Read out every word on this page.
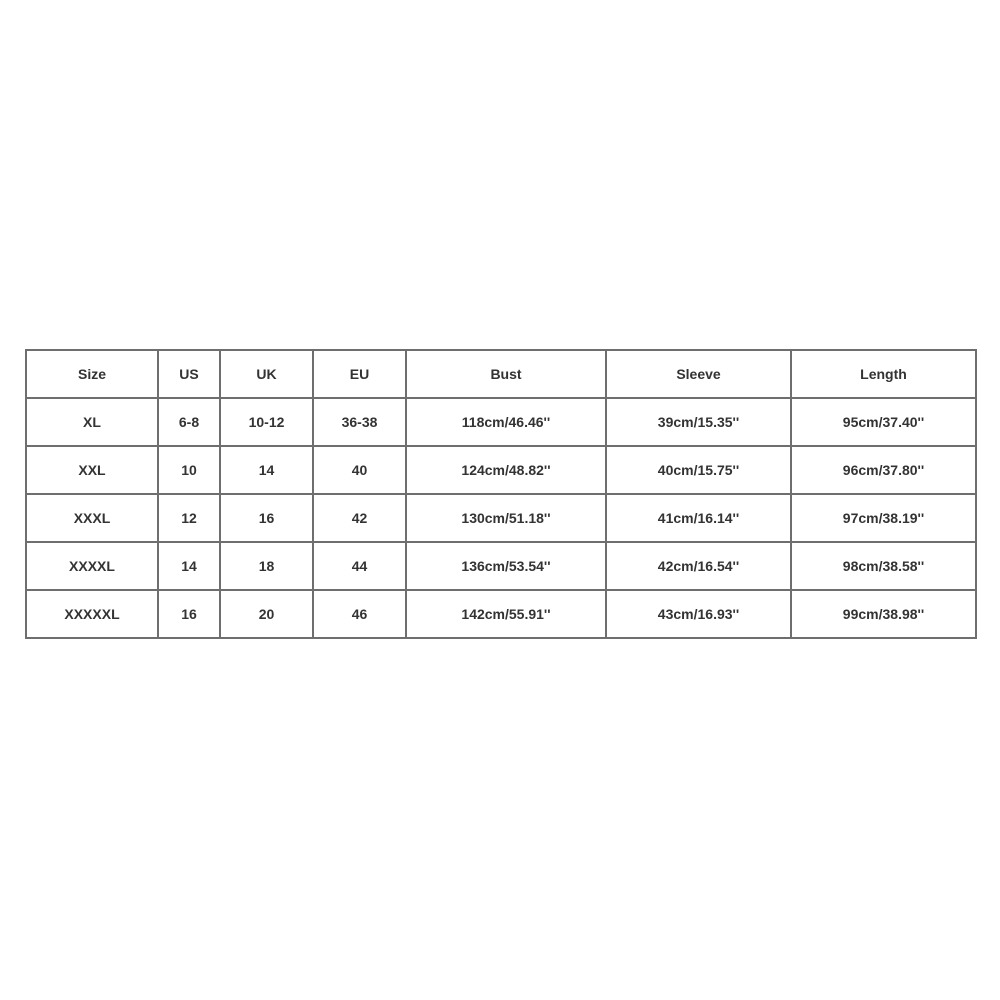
Size	US	UK	EU	Bust	Sleeve	Length
XL	6-8	10-12	36-38	118cm/46.46''	39cm/15.35''	95cm/37.40''
XXL	10	14	40	124cm/48.82''	40cm/15.75''	96cm/37.80''
XXXL	12	16	42	130cm/51.18''	41cm/16.14''	97cm/38.19''
XXXXL	14	18	44	136cm/53.54''	42cm/16.54''	98cm/38.58''
XXXXXL	16	20	46	142cm/55.91''	43cm/16.93''	99cm/38.98''
